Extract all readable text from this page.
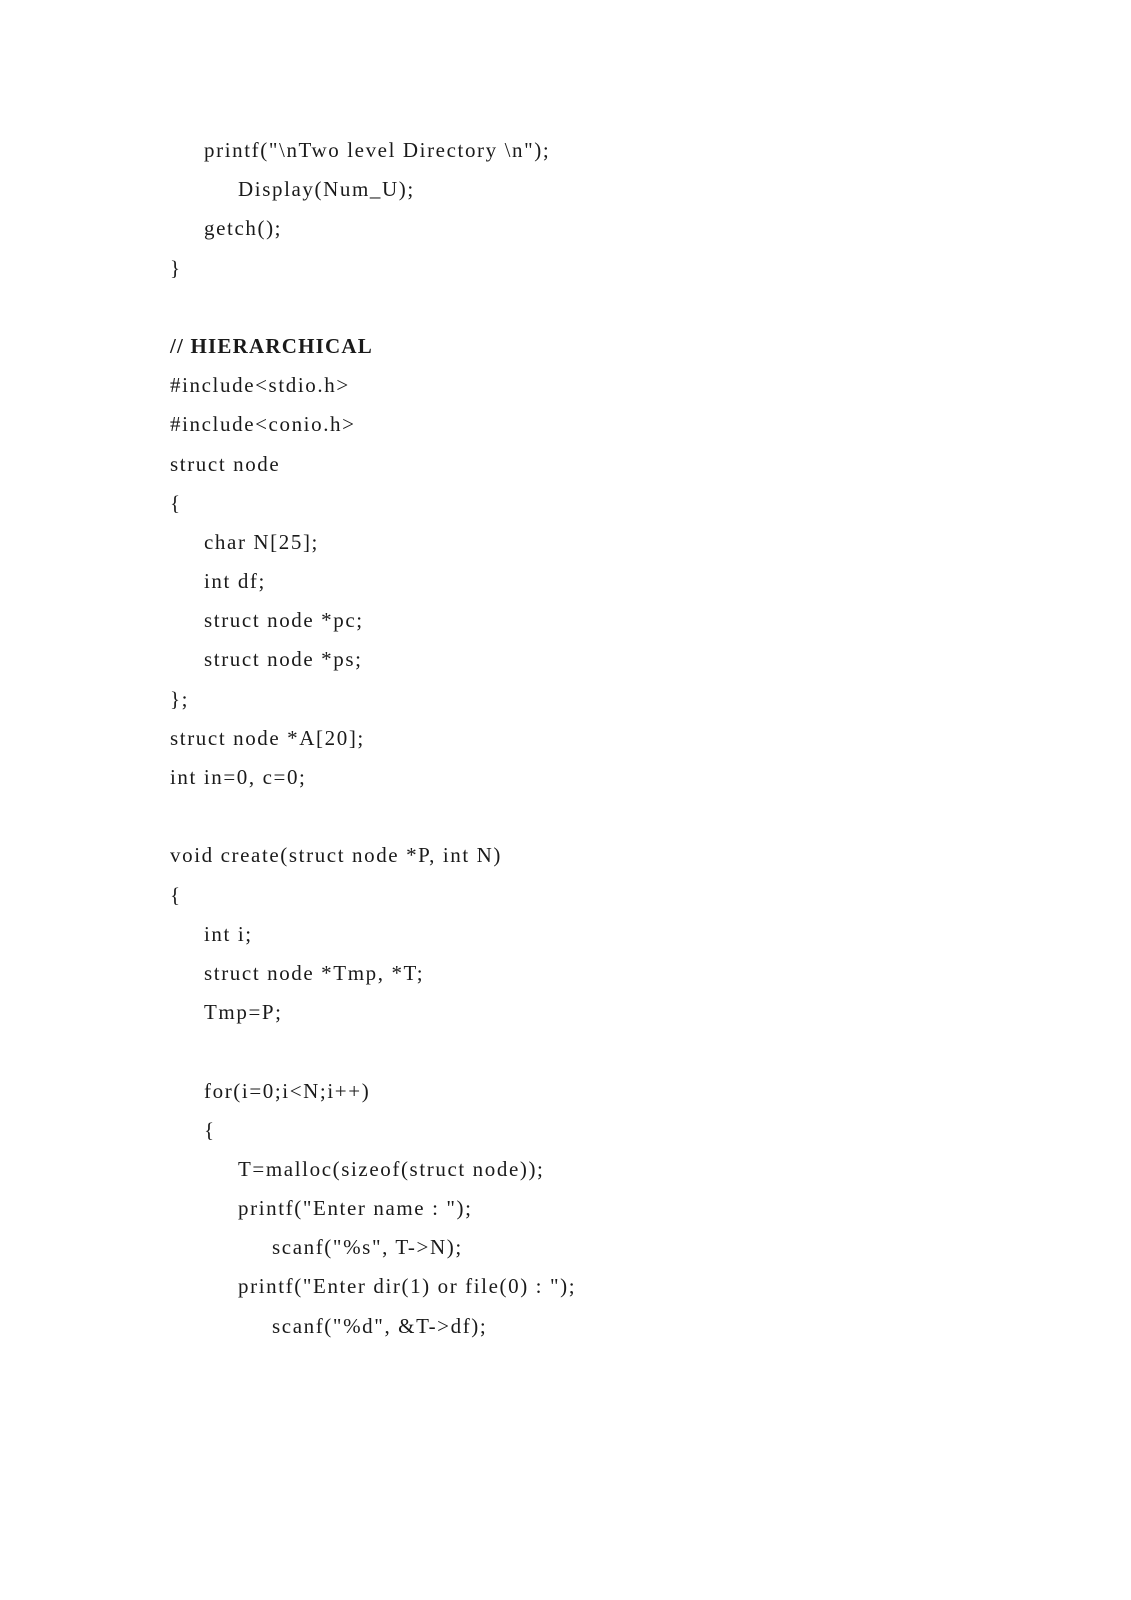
printf("\nTwo level Directory \n");
Display(Num_U);
getch();
}
// HIERARCHICAL
#include<stdio.h>
#include<conio.h>
struct node
{
char N[25];
int df;
struct node *pc;
struct node *ps;
};
struct node *A[20];
int in=0, c=0;
void create(struct node *P, int N)
{
int i;
struct node *Tmp, *T;
Tmp=P;
for(i=0;i<N;i++)
{
T=malloc(sizeof(struct node));
printf("Enter name : ");
scanf("%s", T->N);
printf("Enter dir(1) or file(0) : ");
scanf("%d", &T->df);
